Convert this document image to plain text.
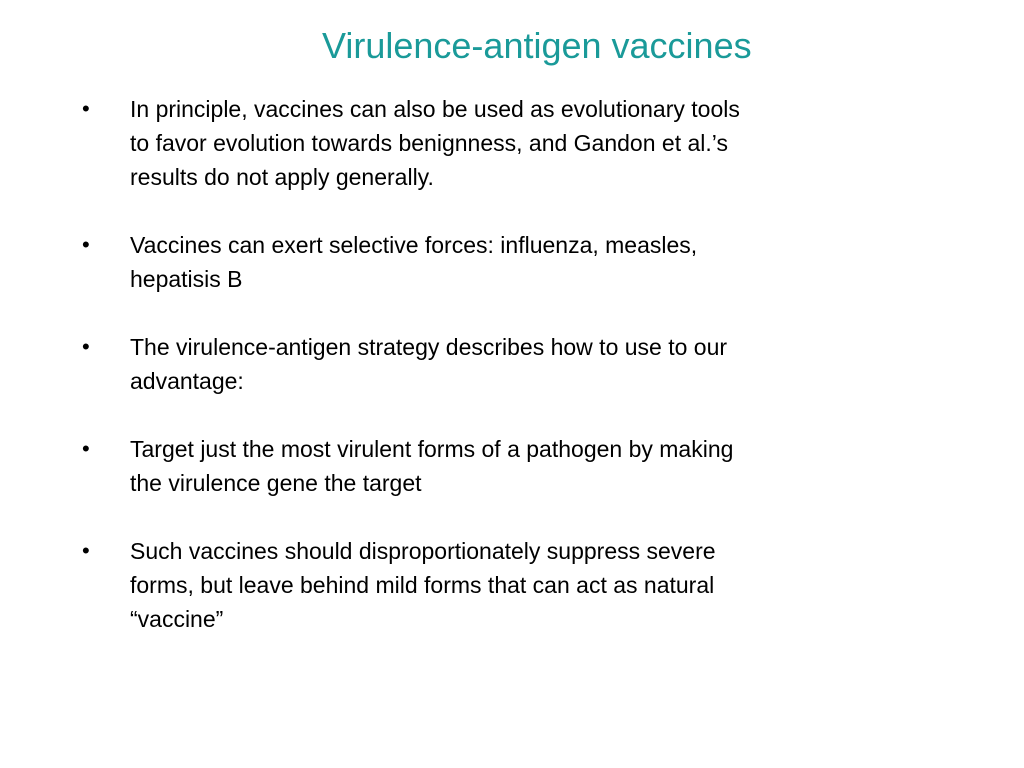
Virulence-antigen vaccines
• In principle, vaccines can also be used as evolutionary tools
to favor evolution towards benignness, and Gandon et al.’s
results do not apply generally.
• Vaccines can exert selective forces: influenza, measles,
hepatisis B
• The virulence-antigen strategy describes how to use to our
advantage:
• Target just the most virulent forms of a pathogen by making
the virulence gene the target
• Such vaccines should disproportionately suppress severe
forms, but leave behind mild forms that can act as natural
“vaccine”
